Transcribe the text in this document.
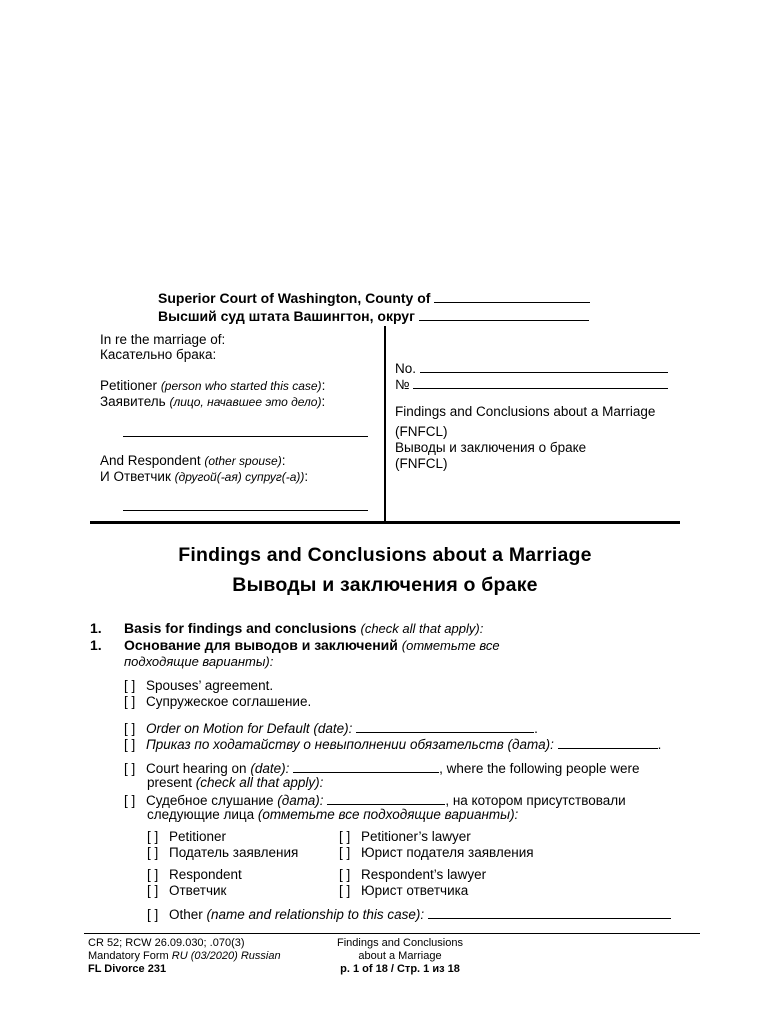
Superior Court of Washington, County of
Высший суд штата Вашингтон, округ
In re the marriage of:
Касательно брака:
Petitioner (person who started this case):
Заявитель (лицо, начавшее это дело):
And Respondent (other spouse):
И Ответчик (другой(-ая) супруг(-а)):
No.
№
Findings and Conclusions about a Marriage
(FNFCL)
Выводы и заключения о браке
(FNFCL)
Findings and Conclusions about a Marriage
Выводы и заключения о браке
1. Basis for findings and conclusions (check all that apply):
1. Основание для выводов и заключений (отметьте все
подходящие варианты):
[ ] Spouses’ agreement.
[ ] Супружеское соглашение.
[ ] Order on Motion for Default (date):	.
[ ] Приказ по ходатайству о невыполнении обязательств (дата):	.
[ ] Court hearing on (date):	, where the following people were
present (check all that apply):
[ ] Судебное слушание (дата):	, на котором присутствовали
следующие лица (отметьте все подходящие варианты):
[ ] Petitioner
[ ] Податель заявления
[ ] Petitioner’s lawyer
[ ] Юрист подателя заявления
[ ] Respondent
[ ] Ответчик
[ ] Respondent’s lawyer
[ ] Юрист ответчика
[ ] Other (name and relationship to this case):
CR 52; RCW 26.09.030; .070(3)
Mandatory Form RU (03/2020) Russian
FL Divorce 231
Findings and Conclusions
about a Marriage
p. 1 of 18 / Стр. 1 из 18
